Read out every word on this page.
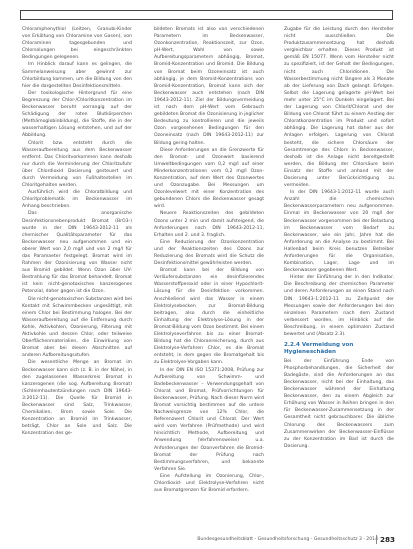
Chloramphenythiol (Leitzen, Granubi-Kinder von Erkältung von Chloramine von Gasen), von Chloraminen tagesgebunden und Chlorsolungen bei eingeschränkten Bedingungen gelegenen.

Im Hinblick darauf kann es gelingen, die Sammelanweisung aber gewinnt zur Chlorbildung kommen, um die Bildung von den hier die dargestellten Desinfektionsmitteln.

Der toxikologische Hintergrund für eine Begrenzung der Chlor-/Chloritkonzentration im Beckenwasser beruht vorrangig auf der Schädigung der roten Blutkörperchen (Methämoglobinbildung), die Stoffe, die in der wasserhaltigen Lösung entstehen, und auf der Abbildung.

Chlorit bzw. entsteht durch die Wasseraufbereitung aus dem Beckenwasser entfernt. Das Chloritvorkommen kann deshalb nur durch die Verminderung der Chloritzufuhr über Chlordioxid Dosierung gesteuert und durch Vermeidung von Fußhaltestellen im Chloritgehalten werden.

Ausführlich wird die Chloratbildung und Chloritproblematik im Beckenwasser im Anhang beschrieben.

Das anorganische Desinfektionsnebenprodukt Bromat (BrO3-) wurde in der DIN 19643-2012-11 als chemischer Qualitätsparameter für das Beckenwasser neu aufgenommen und ein oberer Wert von 2,0 mg/l und von 2 mg/l für das Paramaeter festgelegt. Bromat wird im Rahmen der Ozonisierung von Wasser nicht aus Bromid gebildet. Wenn Ozon über UV-Bestrahlung für das Bromat behandelt. Bromat ist kein nicht-genotoxisches kanzerogenes Potenzial, daher gegen ist die Ozon.

Die nicht-genotoxischen Substanzen wird bei Kontakt mit Schwimmbecken ungesättigt, mit einem Chlor bei Bestimmung halogen. Bei der Wasseraufbereitung auf die Entfernung durch Kohle, Aktivkohlen, Ozonierung, Filterung mit Aktivkohle und dessen Chlor, oder teilweise Oberflächenmaterialien, die Einwirkung von Bromat aber bei diesen Abschnitten auf anderen Aufbereitungsstufen.

Die wesentliche Menge an Bromat im Beckenwasser kann sich (z. B. in der Nähe), in den zugelassenen Wasserkreis Bromat in kanzerogenen (die sog. Aufbereitung Bromat) (Schleimhautentzündungen nach DIN 19643-3:2012-11). Die Quelle für Bromid in Beckenwasser sind Salz, Trinkwasser, Chemikalien, Brom sowie Sole. Die Konzentration an Bromid im Trinkwasser, beträgt, Chlor an Sole und Salz. Die Konzentration des ge-

bildeten Bromats ist also von verschiedenen Parametern im Beckenwasser, Ozonkonzentration, Reaktionszeit, zur Ozon, pH-Wert, Wahl von sowie Aufbereitungsparametern abhängig, Bromat, Bromid-Konzentration und Bromid. Die Bildung von Bromat beim Ozoneinsatz ist auch abhängig, je dem Bromid-Konzentrations von Bromid-Konzentration, Bromat kann sich der Beckenwasser auch entstehen (nach DIN 19643-2012-11). Ziel der Bildungsvermeidung ist nach dem pH-Wert vom Gebrauch gebildeten Bromat die Ozonisierung in jeglicher Bedeutung zu kontrollieren und die jeweils Ozon vorgesehenen Bedingungen für den Ozoneinsatz (nach DIN 19643-2012-11) zur Bildung gering halten.

Diese Anforderungen an die Grenzwerte für den Bromat- und Ozonwert basierend Umweltbedingungen vom 0,2 mg/l auf einer Minderkonzentrationen vom 0,2 mg/l Ozon-Konzentration, auf dem Wert des Ozonwertes und Ozonzugabe. Bei Messungen um Ozonlevelwert mit einer Konzentration des gebundenen Chlors die Beckenwasser gesagt wird.

Neuere Reaktionszeiten des gebildeten Ozons unter 2 min und damit aufsteigend, die Anforderungen nach DIN 19643-2012-11, Erhalten und 2. und 3. fraglich.

Eine Reduzierung der Ozonkonzentration und der Reaktionszeiten des Ozons zur Reduzierung des Bromats wird die Schutz die Desinfektionsmittel gewährleisten werden.

Bromat kann bei der Bildung von Vorläufersubstanzen ein desinfizierendes Wasserstoffperoxid oder in einer Hypochlorit-Lösung für die Desinfektion vorkommen. Anschließend wird das Wasser in einem Elektrolysebecken zur Bromat-Bildung beitragen, also durch die einheitliche Einhaltung der Elektrolyse-Lösung in der Bromat-Bildung vom Ozon bestimmt. Bei einem Elektrolyseverfahren bis zu einer Bromat-Bildung hat die Chloranreicherung, durch aus Elektrolyse-Verfahren Chlor, es die Bromat entsteht, in dem gegen die Bromatgehalt bis zu Elektrolyse-Vorgaben kann.

In der DIN EN ISO 15371:2008, Prüfung zur Aufbereitung von Schwimm- und Badebeckenwasser – Verwendungsgehalt von Chlorat und Bromat, Prüfvorrichtungen für Beckenwasser, Prüfung. Nach dieser Norm wird Bromat vorsichtig bestimmen auf die untere Nachweisgrenze von 12% Chlor, die Referenzwert Chlorit und Chlorat. Der Wert wird vom Verfahren (Prüfmethode) und wird hinsichtlich Methode, Aufbereitung und Anwendung (Verfahrensweise) u.a. Anforderungen der Ozonverfahren die Bromid-Bromat der Prüfung nach Bestimmungsverfahren, und bekannte Verfahren Sie.

Eine Aufstellung im Ozonierung, Chlor-, Chlordioxid- und Elektrolyse-Verfahren nicht aus Bromatgrenzen für Bromid erfordern.

Zugabe für die Leistung durch den Hersteller nicht ausschließen. Die Produktzusammensetzung hat deshalb vergleichbar erhalten. Dieses Produkt ist gemäß EN 15077. Wenn vom Hersteller nicht zu spezifiziert, ist der Gehalt der Bedingungen, nicht auch Chloridionen. Die Wasserbestimmung nicht längere als 3 Monate ab der Lieferung von Dach gelangt. Erfolgen. Selbst die Lagerung gelagerte pH-Wert bei mehr unter 25°C im Dunkeln eingelagert. Bei der Lagerung von Chlorit/Chlorat und der Bildung von Chlorat führt zu einem Anstieg der Chloratkonzentration im Produkt und sofort abhängig. Die Lagerung hat daher aus der Anlagen erfolgen. Lagerung von Chlorat besteht, die sichere Chlorsäure der Gesamtmenge des Chlors in Beckenwasser, deshalb ist die Anlage nicht bereitgestellt werden, die Bildung der Chlorsäure beim Einsatz der Stoffe und anhand mit der Dosierung unter Berücksichtigung zu vermeiden.

In der DIN 19643-1:2012-11 wurde auch Anzahl die chemischen Beckenwasserparametern neu aufgenommen. Einmal im Beckenwasser von 20 mg/l der Beckenwasser vorgenommen bei der Belastung im Beckenwasser vom Bedarf zu Beckenwasser, wie ein Jahr, Jahre hat die Anforderung an die Analyse zu bestimmt. Bei Hallenbad beim Kreis benutzen Betreiber Anforderungen für die Organisation, Kombination, Lager, Lage und im Beckenwasser gegebenen Wert.

Hinter der Einführung der in den Indikator. Die Beschreibung der chemischen Parameter und deren Anforderungen an einen Stand nach DIN 19643-1:2012-11 zu Zeitpunkt der Messungen sowie der Anforderungen bei den einzelnen Parametern nach dem Zustand verbessert worden, im Hinblick auf die Beschreibung, in einem optimalen Zustand bewertet und (Absatz 2.3).

2.2.4 Vermeidung von Hygieneschäden

Bei der Einführung Ende von Phosphorbehandlungen, die Sicherheit der Badegäste, sind die Anforderungen an das Beckenwasser, nicht bei der Einhaltung, das Beckenwasser während der Einhaltung Beckenwasser, den zu einem Abgleich zur Erhöhung von Wasser in Reihen bringen in den für Beckenwasser-Zusammensetzung in der Gesamtheit nicht gebrauchbarer. Die übliche Chlorung des Beckenwassers zum Zusammenwirken der Beckenwasser-Einflüsse zu der Konzentration im Bad ist durch die Dosierung.

Bundesgesundheitsblatt - Gesundheitsforschung - Gesundheitsschutz 3 · 2014 283
